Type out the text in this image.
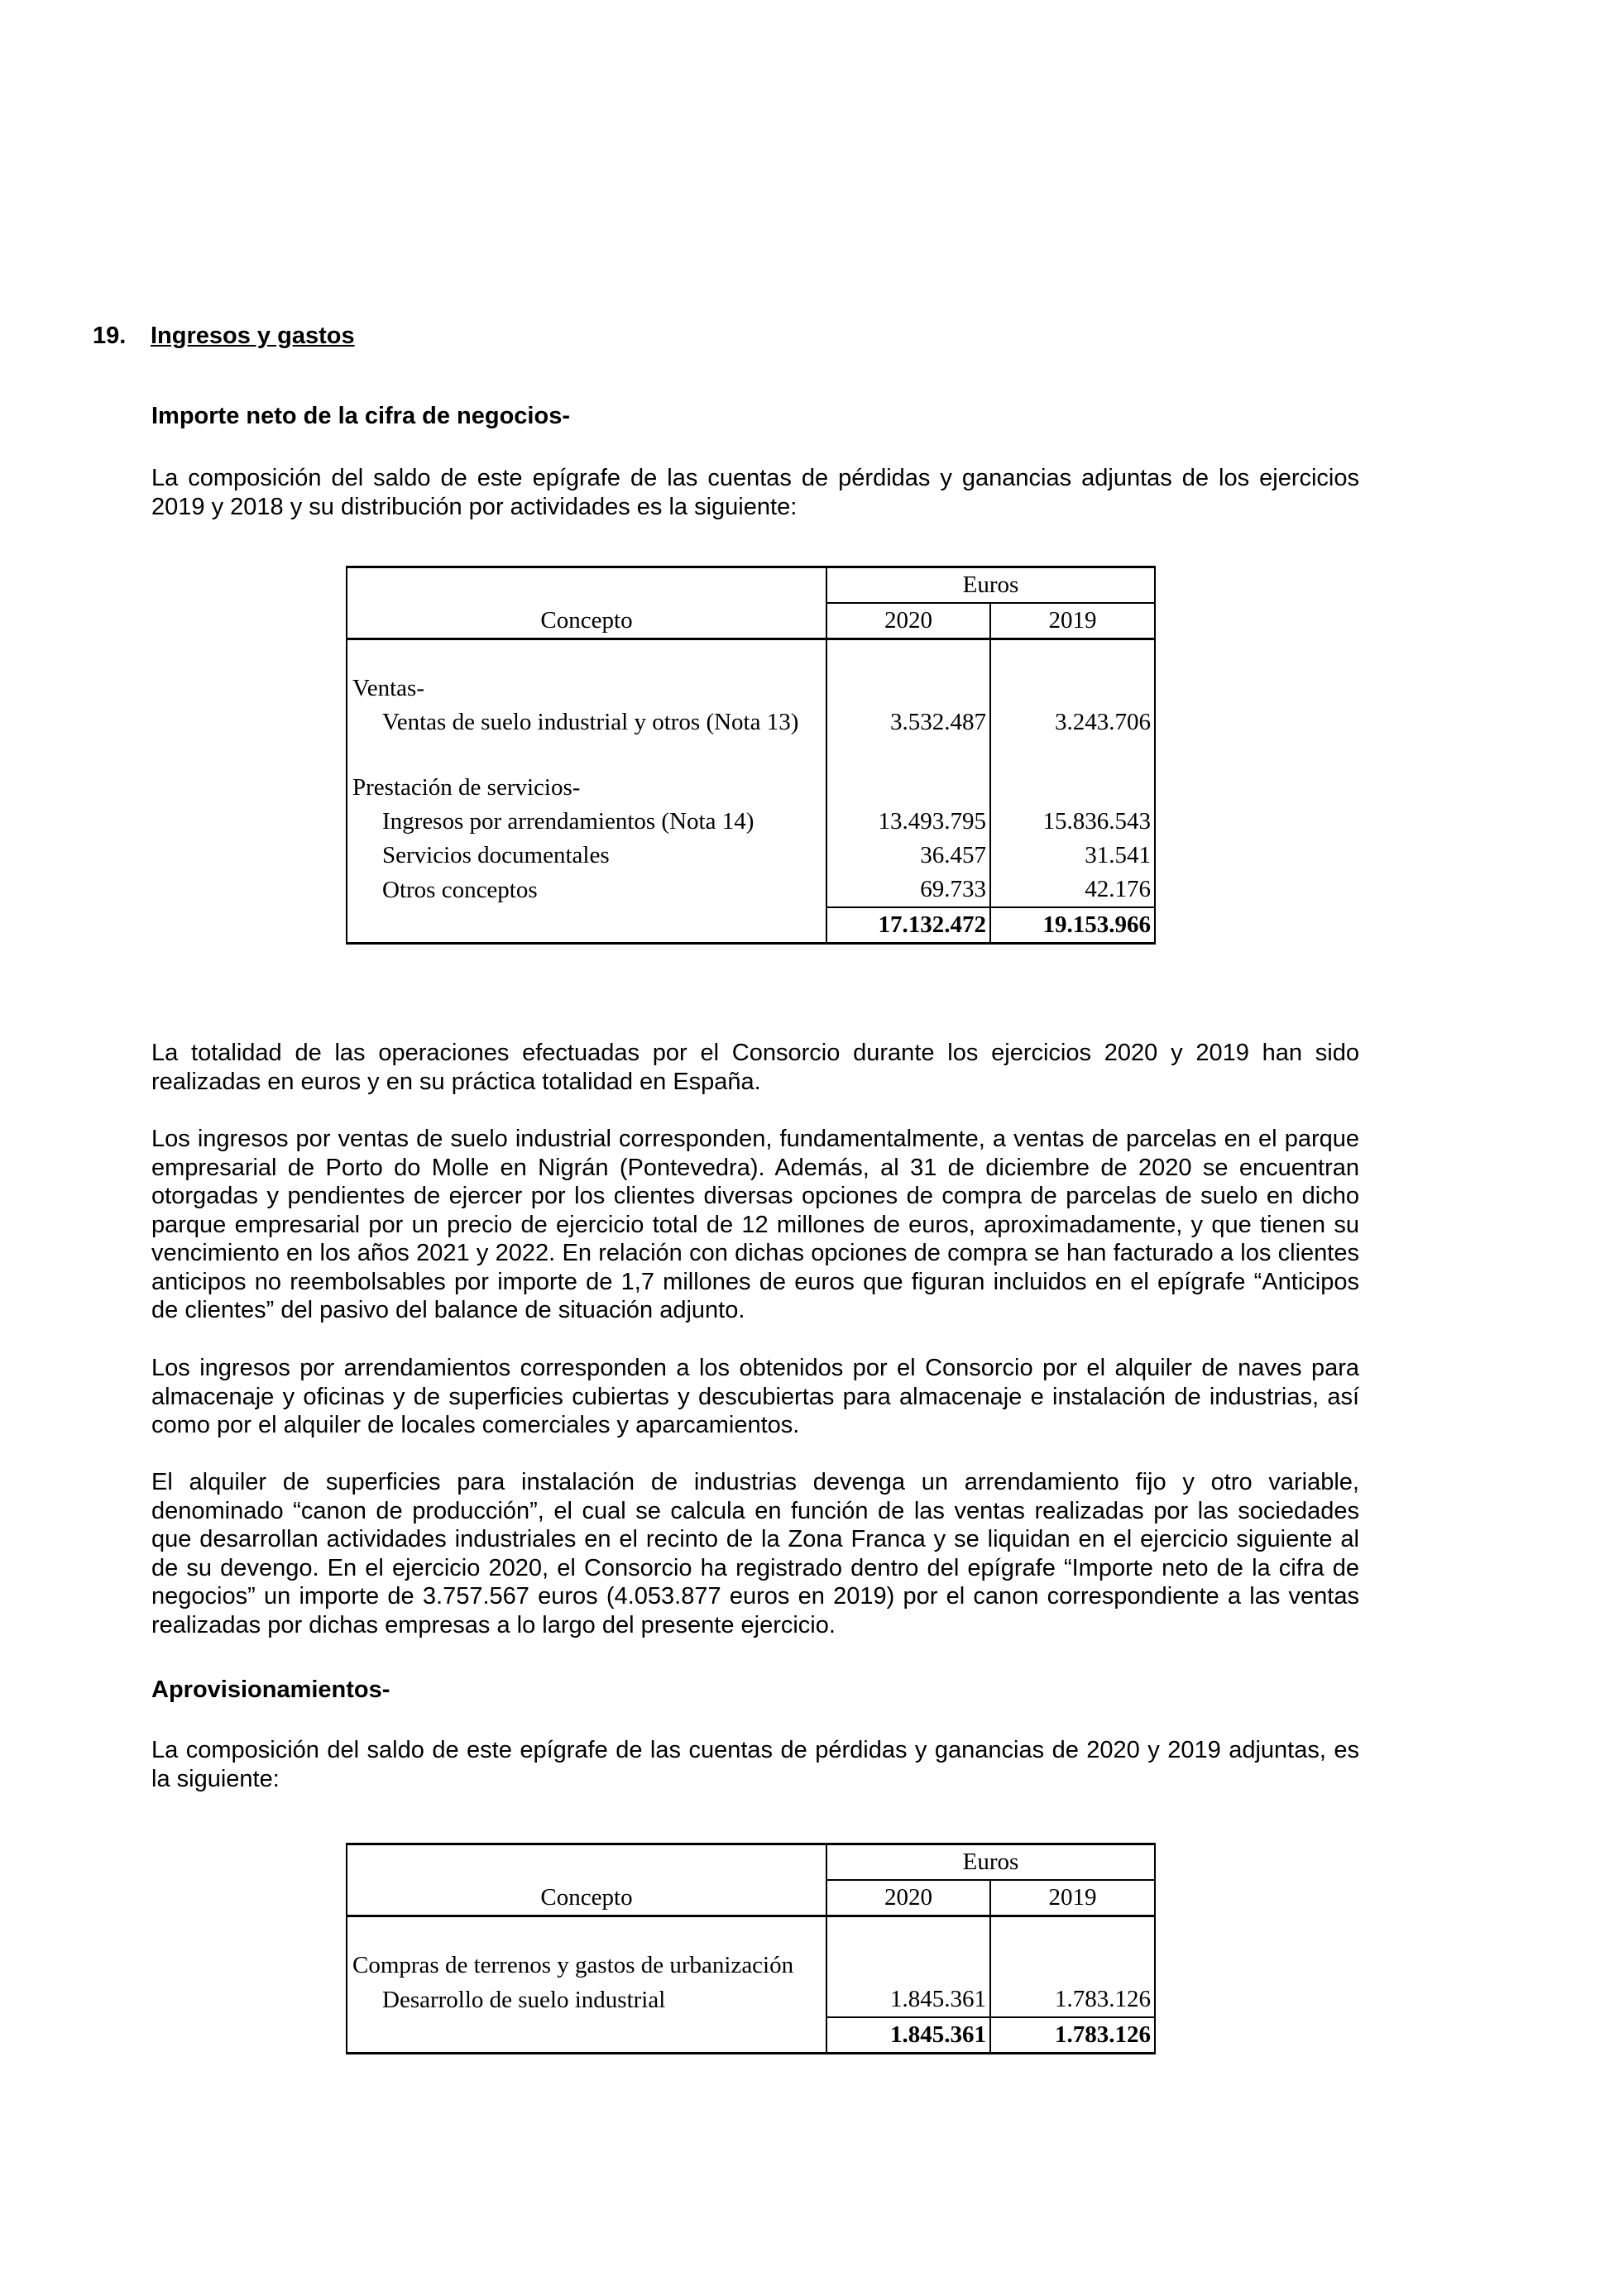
19. Ingresos y gastos
Importe neto de la cifra de negocios-
La composición del saldo de este epígrafe de las cuentas de pérdidas y ganancias adjuntas de los ejercicios 2019 y 2018 y su distribución por actividades es la siguiente:
	Euros	
Concepto	2020	2019

Ventas-		
Ventas de suelo industrial y otros (Nota 13)	3.532.487	3.243.706

Prestación de servicios-		
Ingresos por arrendamientos (Nota 14)	13.493.795	15.836.543
Servicios documentales	36.457	31.541
Otros conceptos	69.733	42.176
	17.132.472	19.153.966
La totalidad de las operaciones efectuadas por el Consorcio durante los ejercicios 2020 y 2019 han sido realizadas en euros y en su práctica totalidad en España.
Los ingresos por ventas de suelo industrial corresponden, fundamentalmente, a ventas de parcelas en el parque empresarial de Porto do Molle en Nigrán (Pontevedra). Además, al 31 de diciembre de 2020 se encuentran otorgadas y pendientes de ejercer por los clientes diversas opciones de compra de parcelas de suelo en dicho parque empresarial por un precio de ejercicio total de 12 millones de euros, aproximadamente, y que tienen su vencimiento en los años 2021 y 2022. En relación con dichas opciones de compra se han facturado a los clientes anticipos no reembolsables por importe de 1,7 millones de euros que figuran incluidos en el epígrafe “Anticipos de clientes” del pasivo del balance de situación adjunto.
Los ingresos por arrendamientos corresponden a los obtenidos por el Consorcio por el alquiler de naves para almacenaje y oficinas y de superficies cubiertas y descubiertas para almacenaje e instalación de industrias, así como por el alquiler de locales comerciales y aparcamientos.
El alquiler de superficies para instalación de industrias devenga un arrendamiento fijo y otro variable, denominado “canon de producción”, el cual se calcula en función de las ventas realizadas por las sociedades que desarrollan actividades industriales en el recinto de la Zona Franca y se liquidan en el ejercicio siguiente al de su devengo. En el ejercicio 2020, el Consorcio ha registrado dentro del epígrafe “Importe neto de la cifra de negocios” un importe de 3.757.567 euros (4.053.877 euros en 2019) por el canon correspondiente a las ventas realizadas por dichas empresas a lo largo del presente ejercicio.
Aprovisionamientos-
La composición del saldo de este epígrafe de las cuentas de pérdidas y ganancias de 2020 y 2019 adjuntas, es la siguiente:
	Euros	
Concepto	2020	2019

Compras de terrenos y gastos de urbanización		
Desarrollo de suelo industrial	1.845.361	1.783.126
	1.845.361	1.783.126
